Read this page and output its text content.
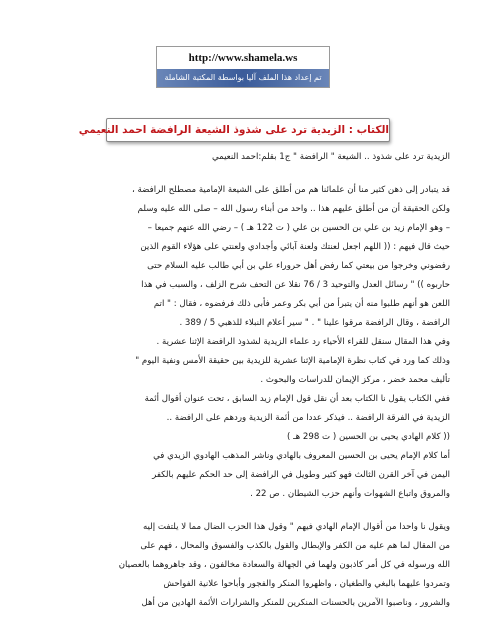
http://www.shamela.ws
تم إعداد هذا الملف آليا بواسطة المكتبة الشاملة
الكتاب : الزيدية ترد على شذوذ الشيعة الرافضة احمد النعيمي
الزيدية ترد على شذوذ .. الشيعة " الرافضة " ج1 بقلم:احمد النعيمي
قد يتبادر إلى ذهن كثير منا أن علمائنا هم من أطلق على الشيعة الإمامية مصطلح الرافضة ،
ولكن الحقيقة أن من أطلق عليهم هذا .. واحد من أبناء رسول الله – صلى الله عليه وسلم
– وهو الإمام زيد بن علي بن الحسين بن علي ( ت 122 هـ ) – رضي الله عنهم جميعا –
حيث قال فيهم : (( اللهم اجعل لعنتك ولعنة آبائي وأجدادي ولعنتي على هؤلاء القوم الذين
رفضوني وخرجوا من بيعتي كما رفض أهل حروراء علي بن أبي طالب عليه السلام حتى
حاربوه )) " رسائل العدل والتوحيد 3 / 76 نقلا عن التحف شرح الزلف ، والسبب في هذا
اللعن هو أنهم طلبوا منه أن يتبرأ من أبي بكر وعمر فأبى ذلك فرفضوه ، فقال : " اتم
الرافضة ، وقال الرافضة مرقوا علينا " . " سير أعلام النبلاء للذهبي 5 / 389 .
وفي هذا المقال سنقل للقراء الأحياء رد علماء الزيدية لشذوذ الرافضة الإثنا عشرية .
وذلك كما ورد في كتاب نظرة الإمامية الإثنا عشرية للزيدية بين حقيقة الأمس ونفية اليوم "
تأليف محمد خضر ، مركز الإيمان للدراسات والبحوث .
ففي الكتاب يقول نا الكتاب بعد أن نقل قول الإمام زيد السابق ، تحت عنوان أقوال أئمة
الزيدية في الفرقة الرافضة .. فيذكر عددا من أئمة الزيدية وردهم على الرافضة ..
(( كلام الهادي يحيى بن الحسين ( ت 298 هـ )
أما كلام الإمام يحيى بن الحسين المعروف بالهادي وناشر المذهب الهادوي الزيدي في
اليمن في آخر القرن الثالث فهو كثير وطويل في الرافضة إلى حد الحكم عليهم بالكفر
والمروق واتباع الشهوات وأنهم حزب الشيطان . ص 22 .
ويقول نا واحدا من أقوال الإمام الهادي فيهم " وقول هذا الحزب الضال مما لا يلتفت إليه
من المقال لما هم عليه من الكفر والإبطال والقول بالكذب والفسوق والمحال ، فهم على
الله ورسوله في كل أمر كاذبون ولهما في الجهالة والسعادة مخالفون ، وقد جاهروهما بالعصيان
وتمردوا عليهما بالبغي والطغيان ، واظهروا المنكر والفجور وأباحوا علانية الفواحش
والشرور ، وناصبوا الآمرين بالحسنات المنكرين للمنكر والشرارات الأئمة الهادين من أهل
